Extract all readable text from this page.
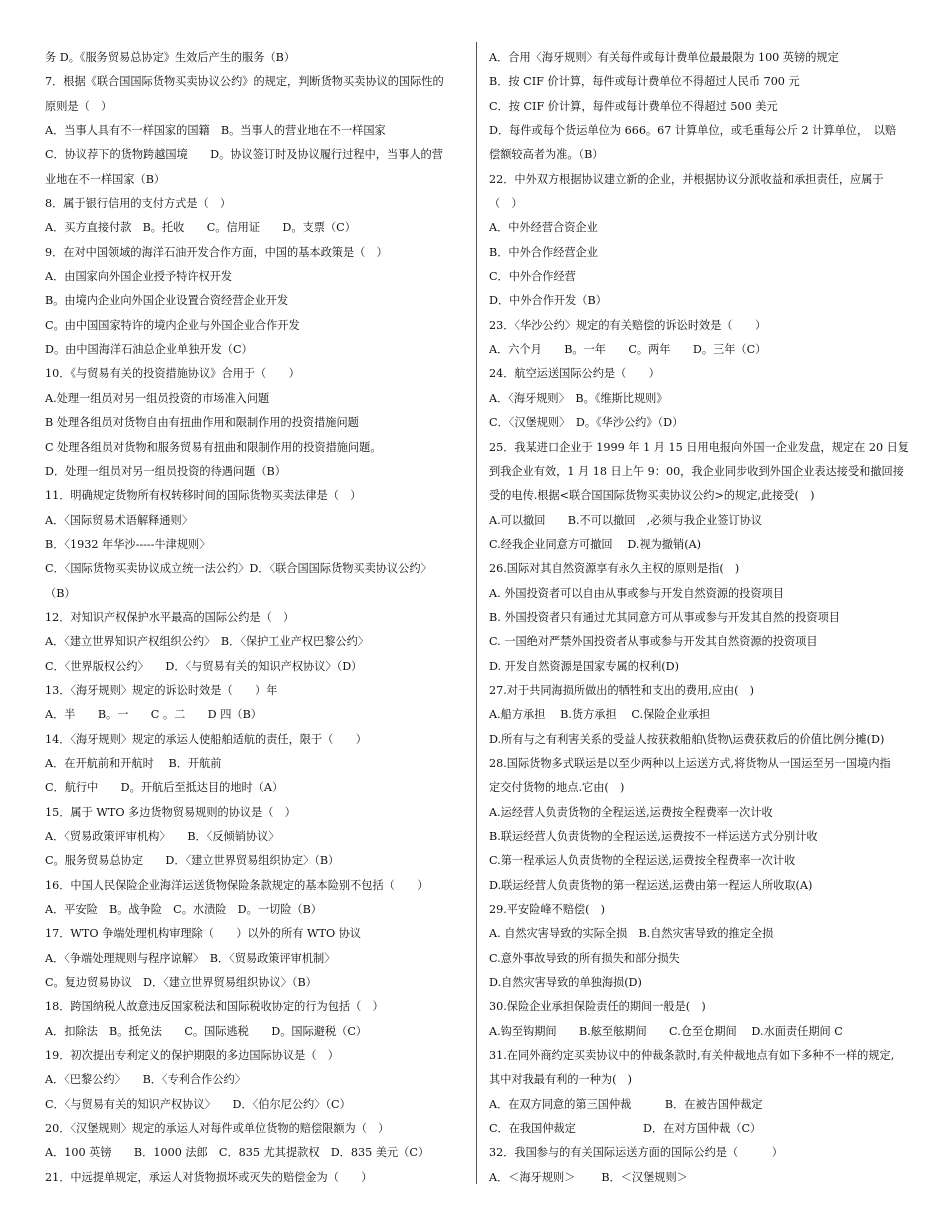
务 D。《服务贸易总协定》生效后产生的服务（B）
7．根据《联合国国际货物买卖协议公约》的规定，判断货物买卖协议的国际性的
原则是（　）
A．当事人具有不一样国家的国籍　B。当事人的营业地在不一样国家
C．协议荐下的货物跨越国境　　D。协议签订时及协议履行过程中，当事人的营
业地在不一样国家（B）
8．属于银行信用的支付方式是（　）
A．买方直接付款　B。托收　　C。信用证　　D。支票（C）
9．在对中国领域的海洋石油开发合作方面，中国的基本政策是（　）
A．由国家向外国企业授予特许权开发
B。由境内企业向外国企业设置合资经营企业开发
C。由中国国家特许的境内企业与外国企业合作开发
D。由中国海洋石油总企业单独开发（C）
10．《与贸易有关的投资措施协议》合用于（　　）
A.处理一组员对另一组员投资的市场准入问题
B 处理各组员对货物自由有扭曲作用和限制作用的投资措施问题
C 处理各组员对货物和服务贸易有扭曲和限制作用的投资措施问题。
D．处理一组员对另一组员投资的待遇问题（B）
11．明确规定货物所有权转移时间的国际货物买卖法律是（　）
A．〈国际贸易术语解释通则〉
B．〈1932 年华沙-----牛津规则〉
C．〈国际货物买卖协议成立统一法公约〉D．〈联合国国际货物买卖协议公约〉
（B）
12．对知识产权保护水平最高的国际公约是（　）
A．〈建立世界知识产权组织公约〉　B．〈保护工业产权巴黎公约〉
C．〈世界版权公约〉　　D．〈与贸易有关的知识产权协议〉（D）
13．〈海牙规则〉规定的诉讼时效是（　　）年
A．半　　B。一　　C 。二　　D 四（B）
14．〈海牙规则〉规定的承运人使船舶适航的责任，限于（　　）
A．在开航前和开航时　 B．开航前
C．航行中　　D。开航后至抵达目的地时（A）
15．属于 WTO 多边货物贸易规则的协议是（　）
A．〈贸易政策评审机构〉　　B．〈反倾销协议〉
C。服务贸易总协定　　D．〈建立世界贸易组织协定〉（B）
16．中国人民保险企业海洋运送货物保险条款规定的基本险别不包括（　　）
A．平安险　B。战争险　C。水渍险　D。一切险（B）
17．WTO 争端处理机构审理除（　　）以外的所有 WTO 协议
A．〈争端处理规则与程序谅解〉　B．〈贸易政策评审机制〉
C。复边贸易协议　D．〈建立世界贸易组织协议〉（B）
18．跨国纳税人故意违反国家税法和国际税收协定的行为包括（　）
A．扣除法　B。抵免法　　C。国际逃税　　D。国际避税（C）
19．初次提出专利定义的保护期限的多边国际协议是（　）
A．〈巴黎公约〉　　B．〈专利合作公约〉
C．〈与贸易有关的知识产权协议〉　　D．〈伯尔尼公约〉（C）
20．〈汉堡规则〉规定的承运人对每件或单位货物的赔偿限额为（　）
A．100 英镑　　B．1000 法郎　C．835 尤其提款权　D．835 美元（C）
21．中远提单规定，承运人对货物损坏或灭失的赔偿金为（　　）
A．合用〈海牙规则〉有关每件或每计费单位最最限为 100 英镑的规定
B．按 CIF 价计算，每件或每计费单位不得超过人民币 700 元
C．按 CIF 价计算，每件或每计费单位不得超过 500 美元
D．每件或每个货运单位为 666。67 计算单位，或毛重每公斤 2 计算单位，　以赔
偿额较高者为准。（B）
22．中外双方根据协议建立新的企业，并根据协议分派收益和承担责任，应属于
（　）
A．中外经营合资企业
B．中外合作经营企业
C．中外合作经营
D．中外合作开发（B）
23．〈华沙公约〉规定的有关赔偿的诉讼时效是（　　）
A．六个月　　B。一年　　C。两年　　D。三年（C）
24．航空运送国际公约是（　　）
A．〈海牙规则〉　B。《维斯比规则》
C．〈汉堡规则〉　D。《华沙公约》（D）
25．我某进口企业于 1999 年 1 月 15 日用电报向外国一企业发盘，规定在 20 日复
到我企业有效，1 月 18 日上午 9：00，我企业同步收到外国企业表达接受和撤回接
受的电传.根据<联合国国际货物买卖协议公约>的规定,此接受(　)
A.可以撤回　　B.不可以撤回　,必须与我企业签订协议
C.经我企业同意方可撤回　 D.视为撤销(A)
26.国际对其自然资源享有永久主权的原则是指(　)
A. 外国投资者可以自由从事或参与开发自然资源的投资项目
B. 外国投资者只有通过尤其同意方可从事或参与开发其自然的投资项目
C. 一国绝对严禁外国投资者从事或参与开发其自然资源的投资项目
D. 开发自然资源是国家专属的权利(D)
27.对于共同海损所做出的牺牲和支出的费用,应由(　)
A.船方承担　 B.货方承担　 C.保险企业承担
D.所有与之有利害关系的受益人按获救船舶\货物\运费获救后的价值比例分摊(D)
28.国际货物多式联运是以至少两种以上运送方式,将货物从一国运至另一国境内指
定交付货物的地点.它由(　)
A.运经营人负责货物的全程运送,运费按全程费率一次计收
B.联运经营人负责货物的全程运送,运费按不一样运送方式分别计收
C.第一程承运人负责货物的全程运送,运费按全程费率一次计收
D.联运经营人负责货物的第一程运送,运费由第一程运人所收取(A)
29.平安险峰不赔偿(　)
A. 自然灾害导致的实际全损　B.自然灾害导致的推定全损
C.意外事故导致的所有损失和部分损失
D.自然灾害导致的单独海损(D)
30.保险企业承担保险责任的期间一般是(　)
A.钩至钩期间　　B.舷至舷期间　　C.仓至仓期间　 D.水面责任期间 C
31.在同外商约定买卖协议中的仲裁条款时,有关仲裁地点有如下多种不一样的规定,
其中对我最有利的一种为(　)
A．在双方同意的第三国仲裁　　　B．在被告国仲裁定
C．在我国仲裁定　　　　　　D．在对方国仲裁（C）
32．我国参与的有关国际运送方面的国际公约是（　　　）
A．＜海牙规则＞　　 B．＜汉堡规则＞
